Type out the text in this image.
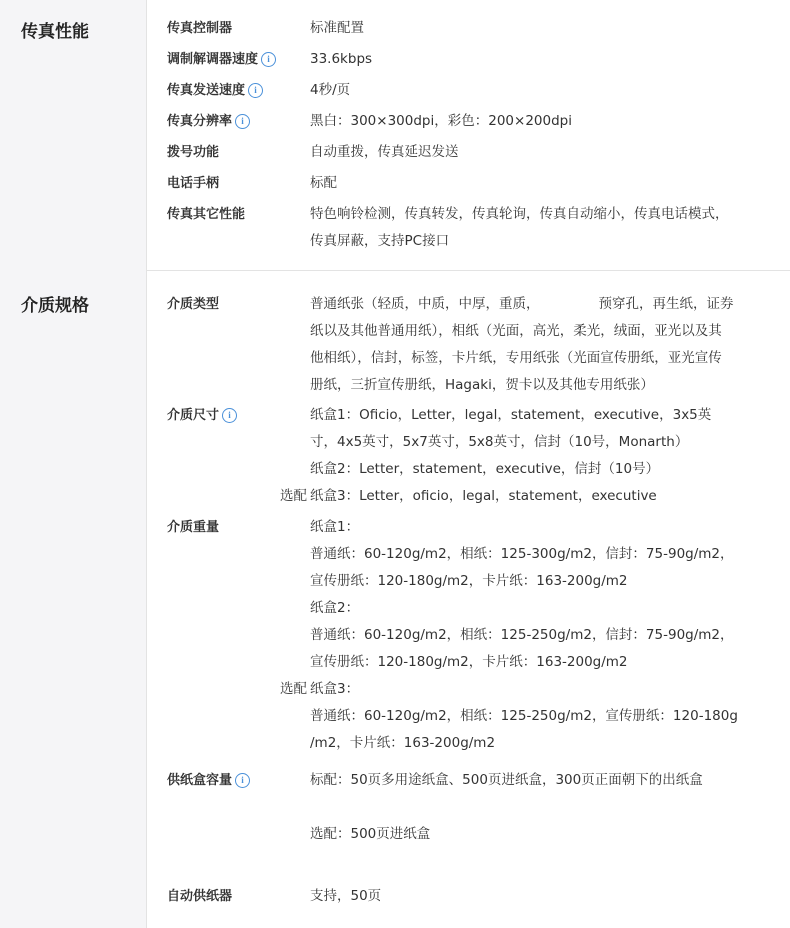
传真性能	传真控制器	标准配置
调制解调器速度 i	33.6kbps
传真发送速度 i	4秒/页
传真分辨率 i	黑白：300×300dpi，彩色：200×200dpi
拨号功能	自动重拨，传真延迟发送
电话手柄	标配
传真其它性能	特色响铃检测，传真转发，传真轮询，传真自动缩小，传真电话模式，
传真屏蔽，支持PC接口
介质规格	介质类型	普通纸张（轻质，中质，中厚，重质，	预穿孔，再生纸，证券
纸以及其他普通用纸），相纸（光面，高光，柔光，绒面，亚光以及其
他相纸），信封，标签，卡片纸，专用纸张（光面宣传册纸，亚光宣传
册纸，三折宣传册纸，Hagaki，贺卡以及其他专用纸张）
介质尺寸 i	纸盒1：Oficio，Letter，legal，statement，executive，3x5英
寸，4x5英寸，5x7英寸，5x8英寸，信封（10号，Monarth）
纸盒2：Letter，statement，executive，信封（10号）
选配 纸盒3：Letter，oficio，legal，statement，executive
介质重量	纸盒1：
普通纸：60-120g/m2，相纸：125-300g/m2，信封：75-90g/m2，
宣传册纸：120-180g/m2，卡片纸：163-200g/m2
纸盒2：
普通纸：60-120g/m2，相纸：125-250g/m2，信封：75-90g/m2，
宣传册纸：120-180g/m2，卡片纸：163-200g/m2
选配 纸盒3：
普通纸：60-120g/m2，相纸：125-250g/m2，宣传册纸：120-180g
/m2，卡片纸：163-200g/m2
供纸盒容量 i	标配：50页多用途纸盒、500页进纸盒，300页正面朝下的出纸盒
选配：500页进纸盒
自动供纸器	支持，50页
